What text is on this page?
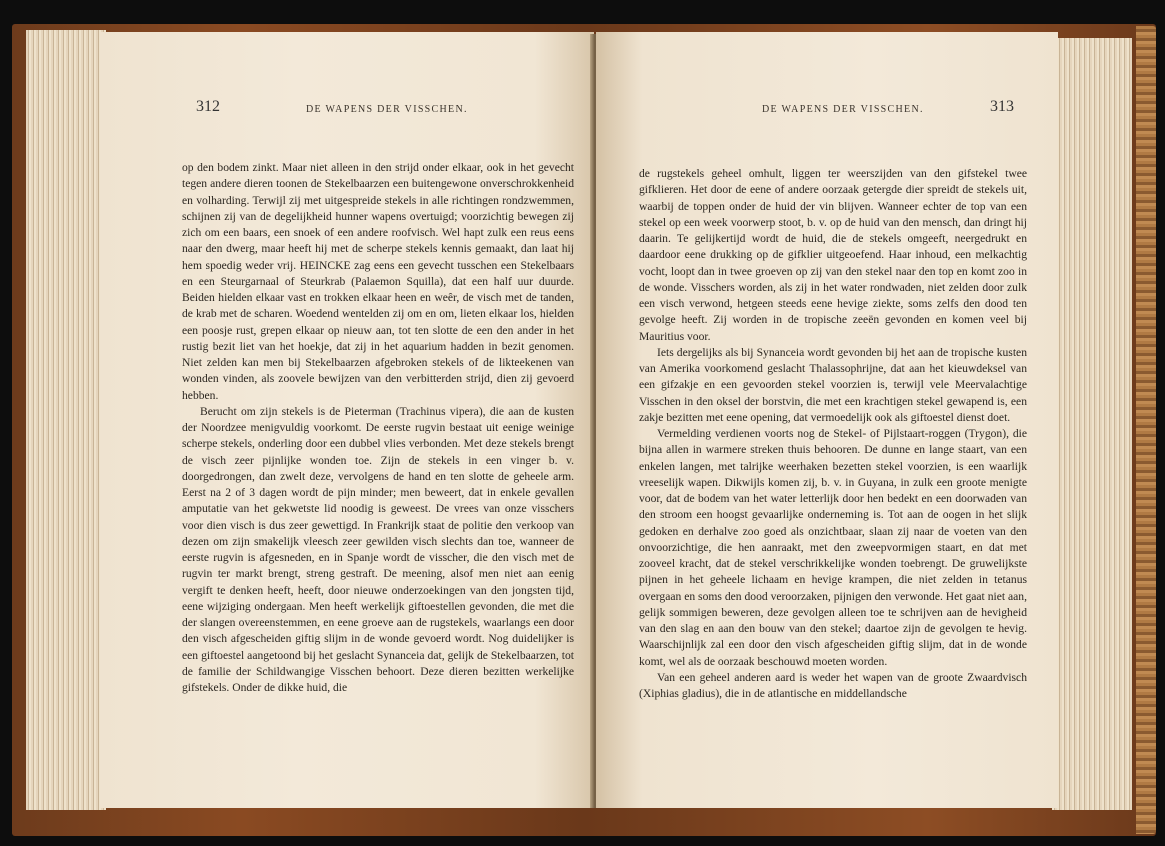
312	DE WAPENS DER VISSCHEN.

op den bodem zinkt. Maar niet alleen in den strijd onder elkaar, ook in het gevecht tegen andere dieren toonen de Stekelbaarzen een buitengewone onverschrokkenheid en volharding. Terwijl zij met uitgespreide stekels in alle richtingen rondzwemmen, schijnen zij van de degelijkheid hunner wapens overtuigd; voorzichtig bewegen zij zich om een baars, een snoek of een andere roofvisch. Wel hapt zulk een reus eens naar den dwerg, maar heeft hij met de scherpe stekels kennis gemaakt, dan laat hij hem spoedig weder vrij. HEINCKE zag eens een gevecht tusschen een Stekelbaars en een Steurgarnaal of Steurkrab (Palaemon Squilla), dat een half uur duurde. Beiden hielden elkaar vast en trokken elkaar heen en weêr, de visch met de tanden, de krab met de scharen. Woedend wentelden zij om en om, lieten elkaar los, hielden een poosje rust, grepen elkaar op nieuw aan, tot ten slotte de een den ander in het rustig bezit liet van het hoekje, dat zij in het aquarium hadden in bezit genomen. Niet zelden kan men bij Stekelbaarzen afgebroken stekels of de likteekenen van wonden vinden, als zoovele bewijzen van den verbitterden strijd, dien zij gevoerd hebben.

Berucht om zijn stekels is de Pieterman (Trachinus vipera), die aan de kusten der Noordzee menigvuldig voorkomt. De eerste rugvin bestaat uit eenige weinige scherpe stekels, onderling door een dubbel vlies verbonden. Met deze stekels brengt de visch zeer pijnlijke wonden toe. Zijn de stekels in een vinger b. v. doorgedrongen, dan zwelt deze, vervolgens de hand en ten slotte de geheele arm. Eerst na 2 of 3 dagen wordt de pijn minder; men beweert, dat in enkele gevallen amputatie van het gekwetste lid noodig is geweest. De vrees van onze visschers voor dien visch is dus zeer gewettigd. In Frankrijk staat de politie den verkoop van dezen om zijn smakelijk vleesch zeer gewilden visch slechts dan toe, wanneer de eerste rugvin is afgesneden, en in Spanje wordt de visscher, die den visch met de rugvin ter markt brengt, streng gestraft. De meening, alsof men niet aan eenig vergift te denken heeft, heeft, door nieuwe onderzoekingen van den jongsten tijd, eene wijziging ondergaan. Men heeft werkelijk giftoestellen gevonden, die met die der slangen overeenstemmen, en eene groeve aan de rugstekels, waarlangs een door den visch afgescheiden giftig slijm in de wonde gevoerd wordt. Nog duidelijker is een giftoestel aangetoond bij het geslacht Synanceia dat, gelijk de Stekelbaarzen, tot de familie der Schildwangige Visschen behoort. Deze dieren bezitten werkelijke gifstekels. Onder de dikke huid, die

DE WAPENS DER VISSCHEN.	313

de rugstekels geheel omhult, liggen ter weerszijden van den gifstekel twee gifklieren. Het door de eene of andere oorzaak getergde dier spreidt de stekels uit, waarbij de toppen onder de huid der vin blijven. Wanneer echter de top van een stekel op een week voorwerp stoot, b. v. op de huid van den mensch, dan dringt hij daarin. Te gelijkertijd wordt de huid, die de stekels omgeeft, neergedrukt en daardoor eene drukking op de gifklier uitgeoefend. Haar inhoud, een melkachtig vocht, loopt dan in twee groeven op zij van den stekel naar den top en komt zoo in de wonde. Visschers worden, als zij in het water rondwaden, niet zelden door zulk een visch verwond, hetgeen steeds eene hevige ziekte, soms zelfs den dood ten gevolge heeft. Zij worden in de tropische zeeën gevonden en komen veel bij Mauritius voor.

Iets dergelijks als bij Synanceia wordt gevonden bij het aan de tropische kusten van Amerika voorkomend geslacht Thalassophrijne, dat aan het kieuwdeksel van een gifzakje en een gevoorden stekel voorzien is, terwijl vele Meervalachtige Visschen in den oksel der borstvin, die met een krachtigen stekel gewapend is, een zakje bezitten met eene opening, dat vermoedelijk ook als giftoestel dienst doet.

Vermelding verdienen voorts nog de Stekel- of Pijlstaart-roggen (Trygon), die bijna allen in warmere streken thuis behooren. De dunne en lange staart, van een enkelen langen, met talrijke weerhaken bezetten stekel voorzien, is een waarlijk vreeselijk wapen. Dikwijls komen zij, b. v. in Guyana, in zulk een groote menigte voor, dat de bodem van het water letterlijk door hen bedekt en een doorwaden van den stroom een hoogst gevaarlijke onderneming is. Tot aan de oogen in het slijk gedoken en derhalve zoo goed als onzichtbaar, slaan zij naar de voeten van den onvoorzichtige, die hen aanraakt, met den zweepvormigen staart, en dat met zooveel kracht, dat de stekel verschrikkelijke wonden toebrengt. De gruwelijkste pijnen in het geheele lichaam en hevige krampen, die niet zelden in tetanus overgaan en soms den dood veroorzaken, pijnigen den verwonde. Het gaat niet aan, gelijk sommigen beweren, deze gevolgen alleen toe te schrijven aan de hevigheid van den slag en aan den bouw van den stekel; daartoe zijn de gevolgen te hevig. Waarschijnlijk zal een door den visch afgescheiden giftig slijm, dat in de wonde komt, wel als de oorzaak beschouwd moeten worden.

Van een geheel anderen aard is weder het wapen van de groote Zwaardvisch (Xiphias gladius), die in de atlantische en middellandsche
